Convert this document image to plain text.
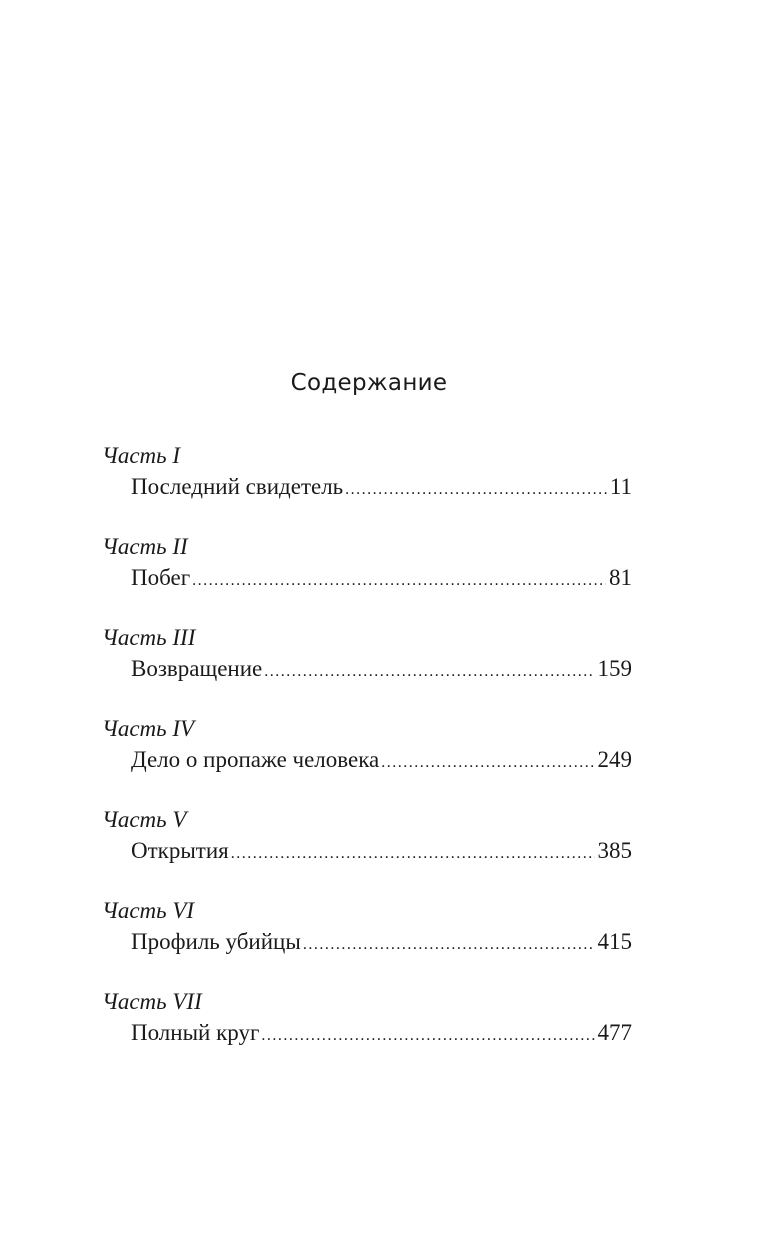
Содержание
Часть I
Последний свидетель .....	11
Часть II
Побег .....	81
Часть III
Возвращение .....	159
Часть IV
Дело о пропаже человека .....	249
Часть V
Открытия .....	385
Часть VI
Профиль убийцы .....	415
Часть VII
Полный круг .....	477
